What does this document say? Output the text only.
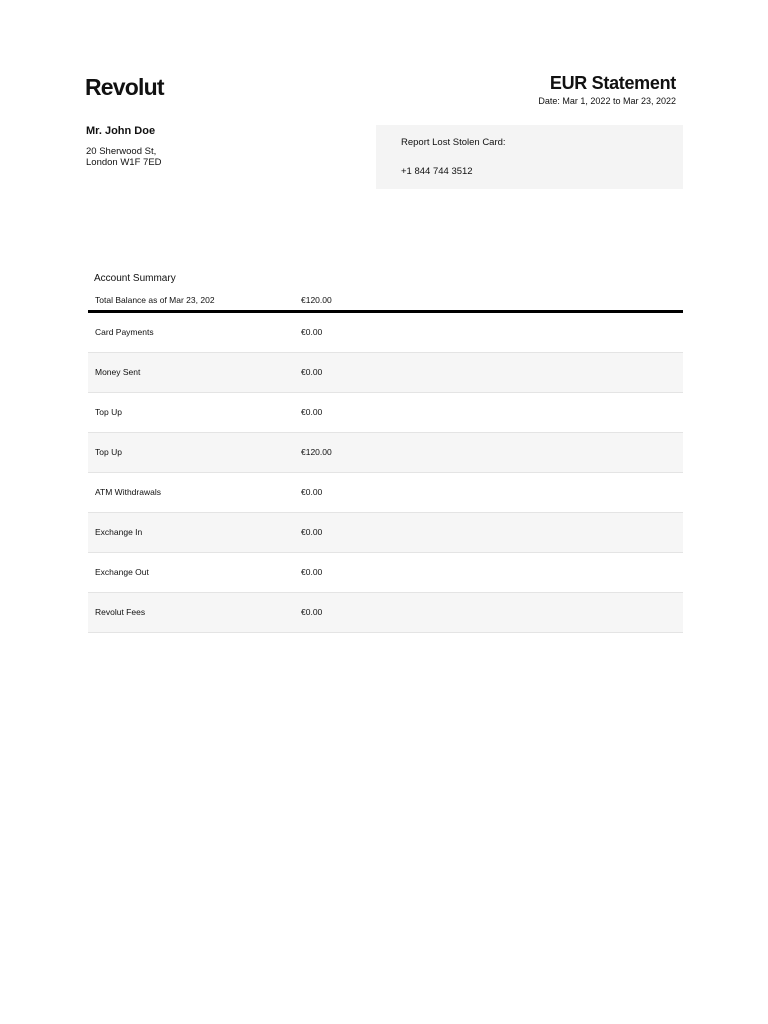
Revolut	EUR Statement
Date: Mar 1, 2022 to Mar 23, 2022
Mr. John Doe
20 Sherwood St,
London W1F 7ED
Report Lost Stolen Card:
+1 844 744 3512
Account Summary
Total Balance as of Mar 23, 202	€120.00
Card Payments	€0.00
Money Sent	€0.00
Top Up	€0.00
Top Up	€120.00
ATM Withdrawals	€0.00
Exchange In	€0.00
Exchange Out	€0.00
Revolut Fees	€0.00
